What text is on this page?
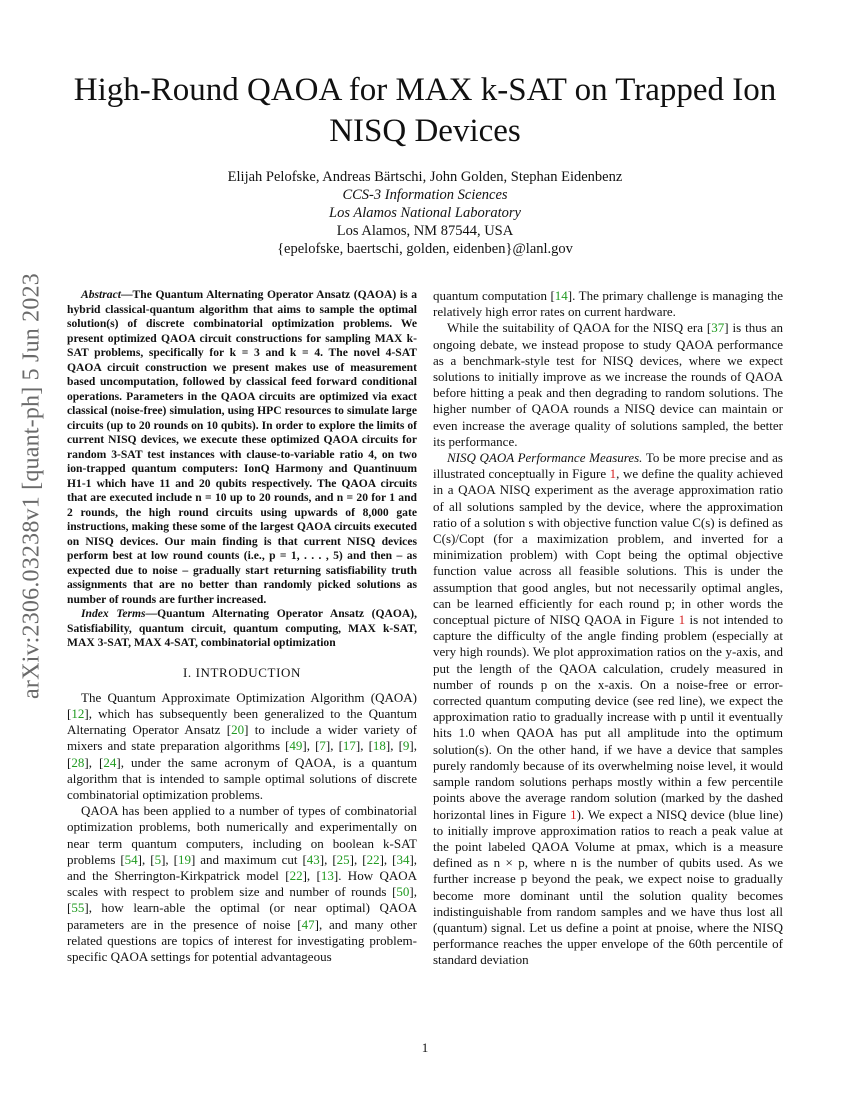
arXiv:2306.03238v1 [quant-ph] 5 Jun 2023
High-Round QAOA for MAX k-SAT on Trapped Ion NISQ Devices
Elijah Pelofske, Andreas Bärtschi, John Golden, Stephan Eidenbenz
CCS-3 Information Sciences
Los Alamos National Laboratory
Los Alamos, NM 87544, USA
{epelofske, baertschi, golden, eidenben}@lanl.gov

Abstract—The Quantum Alternating Operator Ansatz (QAOA) is a hybrid classical-quantum algorithm that aims to sample the optimal solution(s) of discrete combinatorial optimization problems. We present optimized QAOA circuit constructions for sampling MAX k-SAT problems, specifically for k = 3 and k = 4. The novel 4-SAT QAOA circuit construction we present makes use of measurement based uncomputation, followed by classical feed forward conditional operations. Parameters in the QAOA circuits are optimized via exact classical (noise-free) simulation, using HPC resources to simulate large circuits (up to 20 rounds on 10 qubits). In order to explore the limits of current NISQ devices, we execute these optimized QAOA circuits for random 3-SAT test instances with clause-to-variable ratio 4, on two ion-trapped quantum computers: IonQ Harmony and Quantinuum H1-1 which have 11 and 20 qubits respectively. The QAOA circuits that are executed include n = 10 up to 20 rounds, and n = 20 for 1 and 2 rounds, the high round circuits using upwards of 8,000 gate instructions, making these some of the largest QAOA circuits executed on NISQ devices. Our main finding is that current NISQ devices perform best at low round counts (i.e., p = 1, . . . , 5) and then – as expected due to noise – gradually start returning satisfiability truth assignments that are no better than randomly picked solutions as number of rounds are further increased.

Index Terms—Quantum Alternating Operator Ansatz (QAOA), Satisfiability, quantum circuit, quantum computing, MAX k-SAT, MAX 3-SAT, MAX 4-SAT, combinatorial optimization

I. INTRODUCTION

The Quantum Approximate Optimization Algorithm (QAOA) [12], which has subsequently been generalized to the Quantum Alternating Operator Ansatz [20] to include a wider variety of mixers and state preparation algorithms [49], [7], [17], [18], [9], [28], [24], under the same acronym of QAOA, is a quantum algorithm that is intended to sample optimal solutions of discrete combinatorial optimization problems.

QAOA has been applied to a number of types of combinatorial optimization problems, both numerically and experimentally on near term quantum computers, including on boolean k-SAT problems [54], [5], [19] and maximum cut [43], [25], [22], [34], and the Sherrington-Kirkpatrick model [22], [13]. How QAOA scales with respect to problem size and number of rounds [50], [55], how learn-able the optimal (or near optimal) QAOA parameters are in the presence of noise [47], and many other related questions are topics of interest for investigating problem-specific QAOA settings for potential advantageous

quantum computation [14]. The primary challenge is managing the relatively high error rates on current hardware.

While the suitability of QAOA for the NISQ era [37] is thus an ongoing debate, we instead propose to study QAOA performance as a benchmark-style test for NISQ devices, where we expect solutions to initially improve as we increase the rounds of QAOA before hitting a peak and then degrading to random solutions. The higher number of QAOA rounds a NISQ device can maintain or even increase the average quality of solutions sampled, the better its performance.

NISQ QAOA Performance Measures. To be more precise and as illustrated conceptually in Figure 1, we define the quality achieved in a QAOA NISQ experiment as the average approximation ratio of all solutions sampled by the device, where the approximation ratio of a solution s with objective function value C(s) is defined as C(s)/Copt (for a maximization problem, and inverted for a minimization problem) with Copt being the optimal objective function value across all feasible solutions. This is under the assumption that good angles, but not necessarily optimal angles, can be learned efficiently for each round p; in other words the conceptual picture of NISQ QAOA in Figure 1 is not intended to capture the difficulty of the angle finding problem (especially at very high rounds). We plot approximation ratios on the y-axis, and put the length of the QAOA calculation, crudely measured in number of rounds p on the x-axis. On a noise-free or error-corrected quantum computing device (see red line), we expect the approximation ratio to gradually increase with p until it eventually hits 1.0 when QAOA has put all amplitude into the optimum solution(s). On the other hand, if we have a device that samples purely randomly because of its overwhelming noise level, it would sample random solutions perhaps mostly within a few percentile points above the average random solution (marked by the dashed horizontal lines in Figure 1). We expect a NISQ device (blue line) to initially improve approximation ratios to reach a peak value at the point labeled QAOA Volume at pmax, which is a measure defined as n × p, where n is the number of qubits used. As we further increase p beyond the peak, we expect noise to gradually become more dominant until the solution quality becomes indistinguishable from random samples and we have thus lost all (quantum) signal. Let us define a point at pnoise, where the NISQ performance reaches the upper envelope of the 60th percentile of standard deviation

1
